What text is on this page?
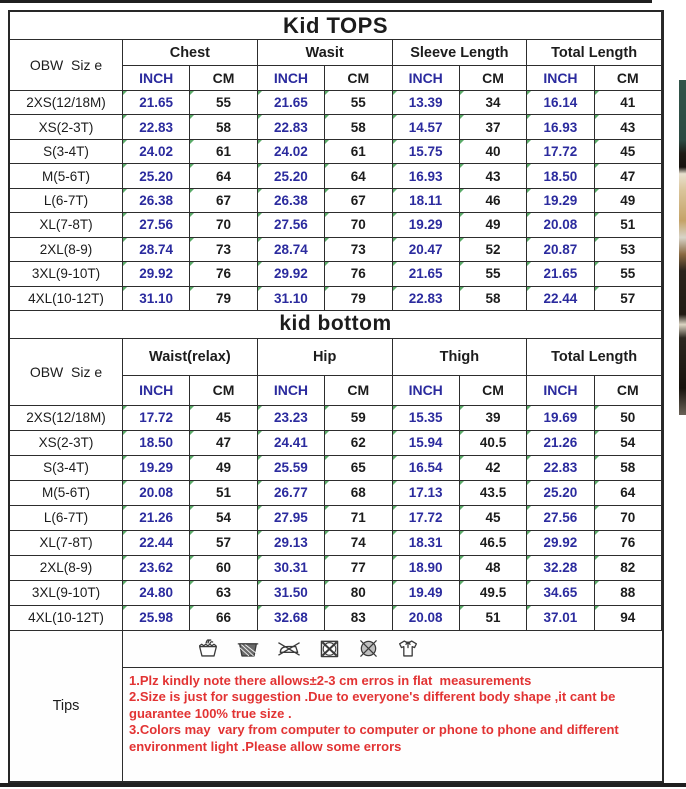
Kid TOPS
OBW  Siz e
Chest	Wasit	Sleeve Length	Total Length
INCH	CM	INCH	CM	INCH	CM	INCH	CM
2XS(12/18M)	21.65	55	21.65	55	13.39	34	16.14	41
XS(2-3T)	22.83	58	22.83	58	14.57	37	16.93	43
S(3-4T)	24.02	61	24.02	61	15.75	40	17.72	45
M(5-6T)	25.20	64	25.20	64	16.93	43	18.50	47
L(6-7T)	26.38	67	26.38	67	18.11	46	19.29	49
XL(7-8T)	27.56	70	27.56	70	19.29	49	20.08	51
2XL(8-9)	28.74	73	28.74	73	20.47	52	20.87	53
3XL(9-10T)	29.92	76	29.92	76	21.65	55	21.65	55
4XL(10-12T)	31.10	79	31.10	79	22.83	58	22.44	57
kid bottom
OBW  Siz e
Waist(relax)	Hip	Thigh	Total Length
INCH	CM	INCH	CM	INCH	CM	INCH	CM
2XS(12/18M)	17.72	45	23.23	59	15.35	39	19.69	50
XS(2-3T)	18.50	47	24.41	62	15.94	40.5	21.26	54
S(3-4T)	19.29	49	25.59	65	16.54	42	22.83	58
M(5-6T)	20.08	51	26.77	68	17.13	43.5	25.20	64
L(6-7T)	21.26	54	27.95	71	17.72	45	27.56	70
XL(7-8T)	22.44	57	29.13	74	18.31	46.5	29.92	76
2XL(8-9)	23.62	60	30.31	77	18.90	48	32.28	82
3XL(9-10T)	24.80	63	31.50	80	19.49	49.5	34.65	88
4XL(10-12T)	25.98	66	32.68	83	20.08	51	37.01	94
Tips

1.Plz kindly note there allows±2-3 cm erros in flat  measurements

2.Size is just for suggestion .Due to everyone's different body shape ,it cant be guarantee 100% true size .

3.Colors may  vary from computer to computer or phone to phone and different environment light .Please allow some errors
